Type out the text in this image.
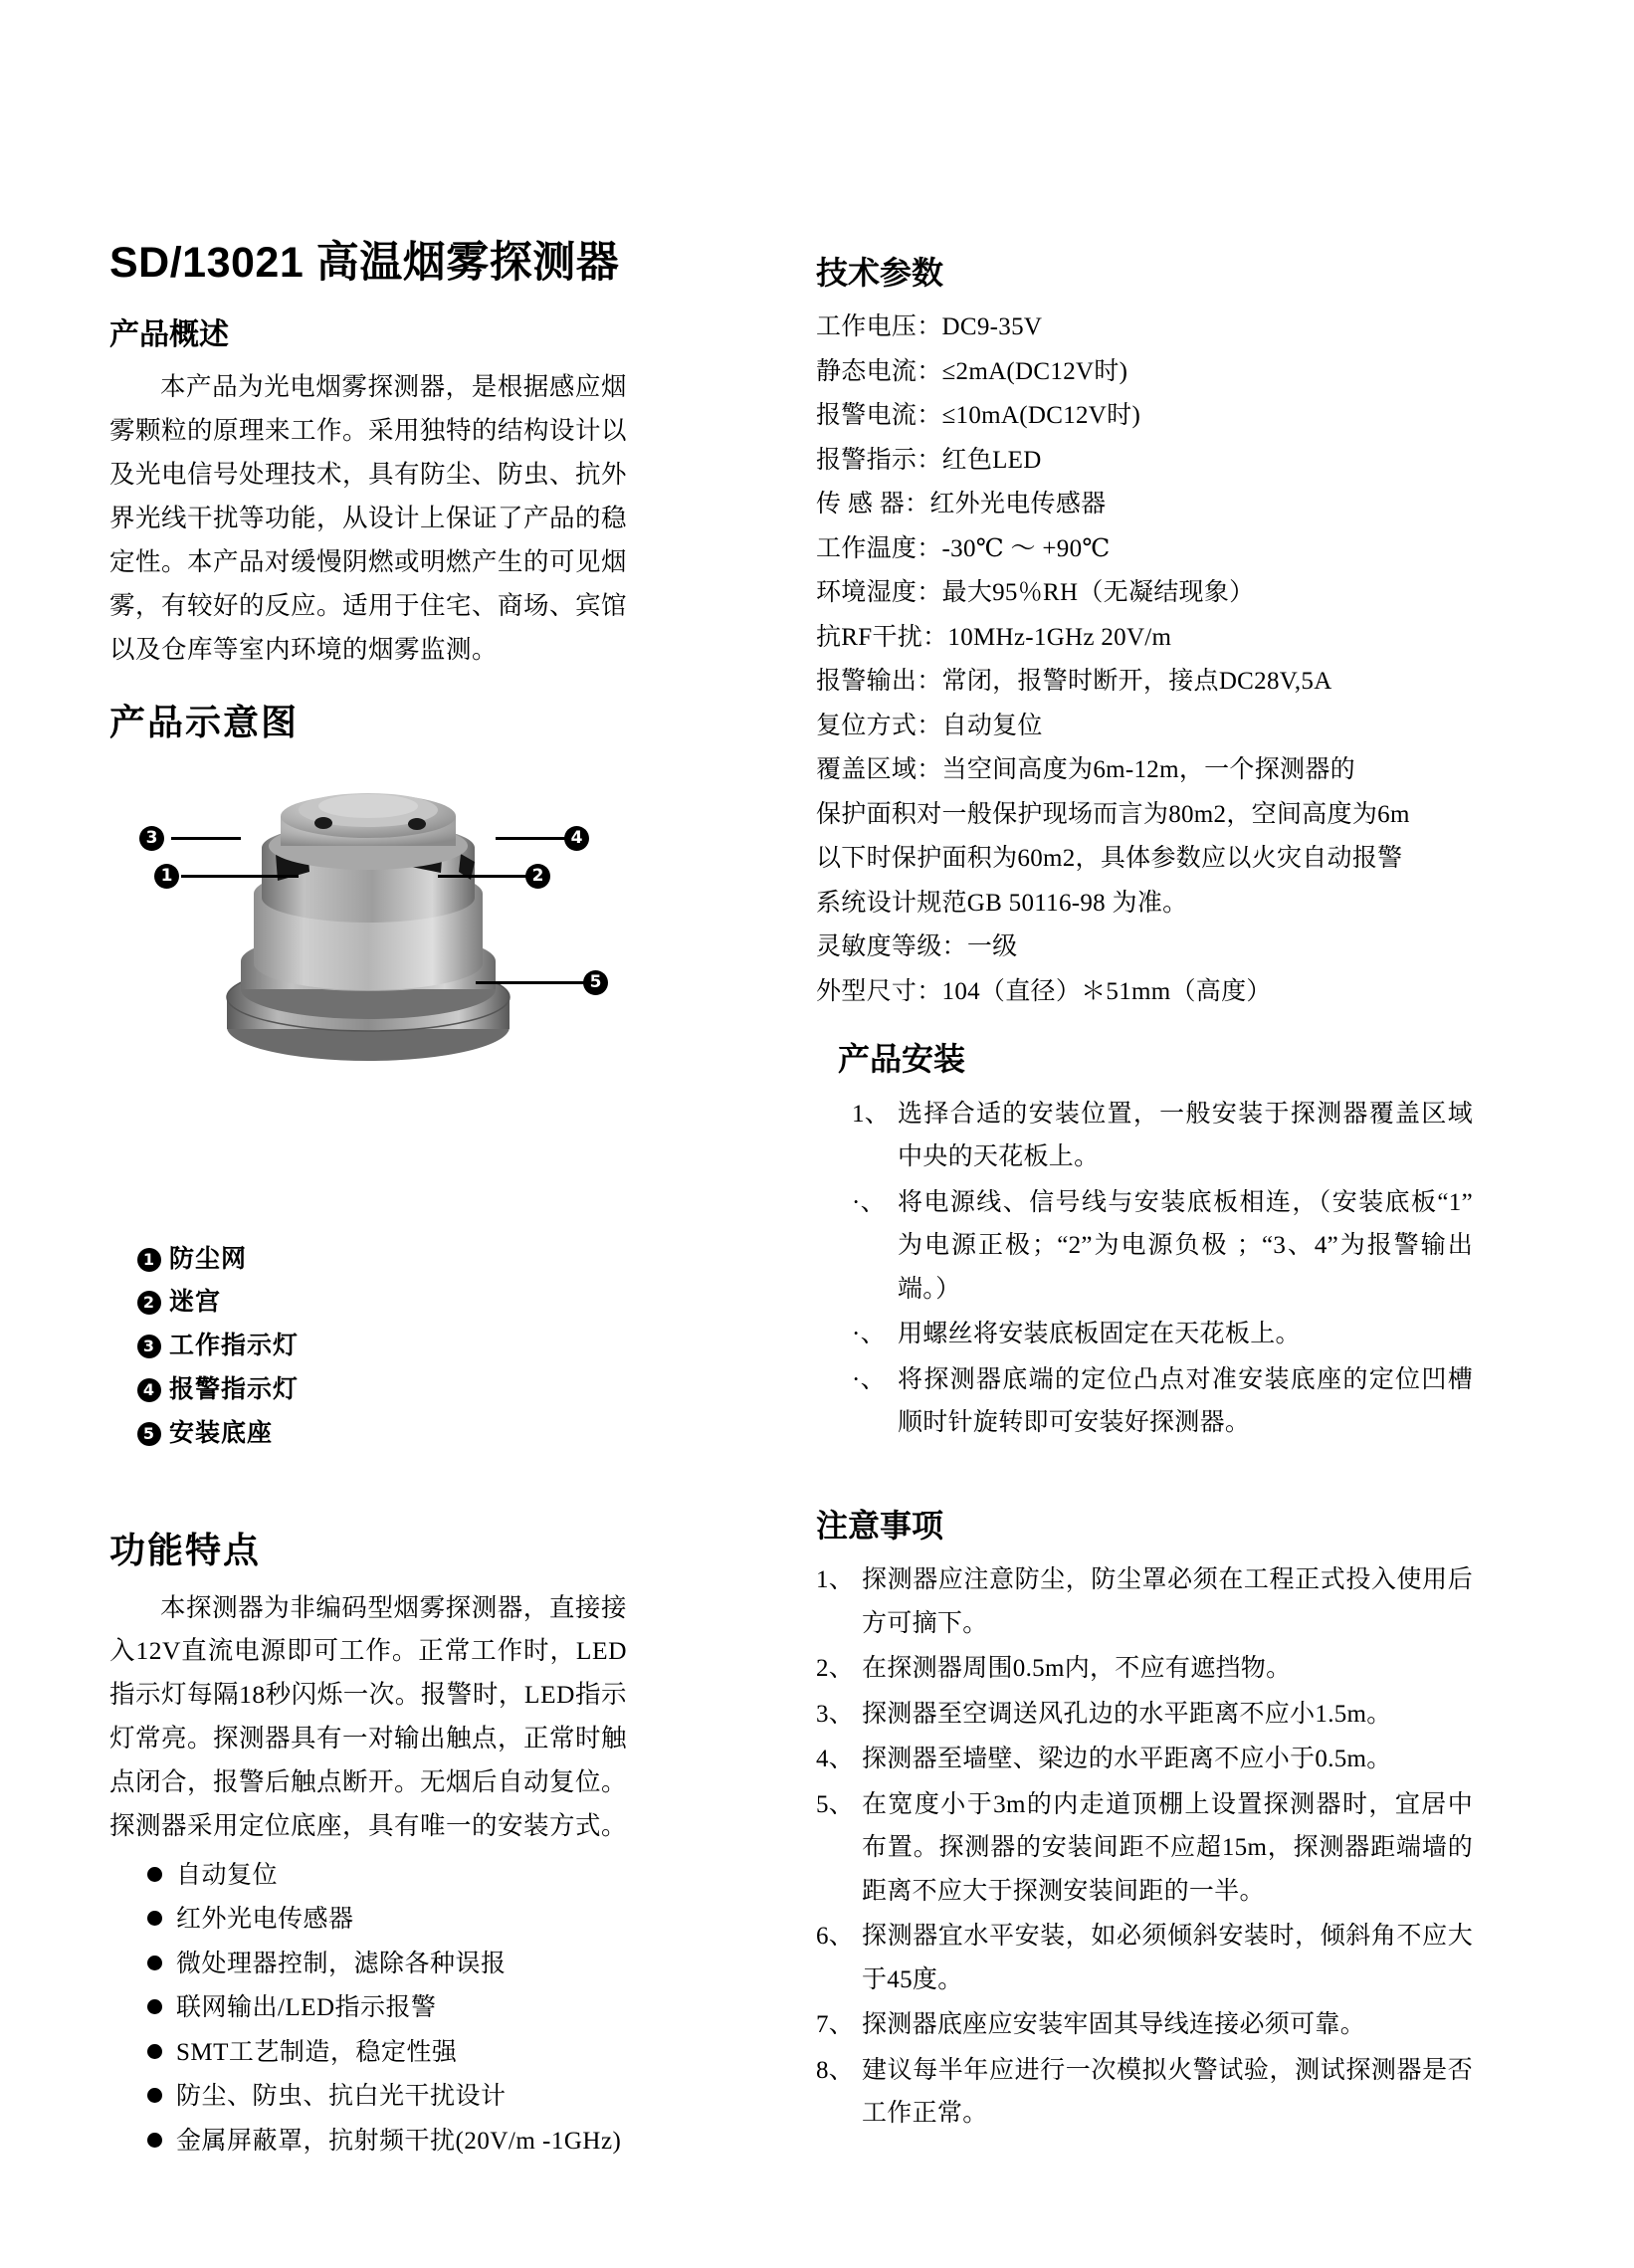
SD/13021 高温烟雾探测器
产品概述

本产品为光电烟雾探测器，是根据感应烟雾颗粒的原理来工作。采用独特的结构设计以及光电信号处理技术，具有防尘、防虫、抗外界光线干扰等功能，从设计上保证了产品的稳定性。本产品对缓慢阴燃或明燃产生的可见烟雾，有较好的反应。适用于住宅、商场、宾馆以及仓库等室内环境的烟雾监测。

产品示意图
3
1
4
2
5
1 防尘网
2 迷宫
3 工作指示灯
4 报警指示灯
5 安装底座
功能特点

本探测器为非编码型烟雾探测器，直接接入12V直流电源即可工作。正常工作时，LED指示灯每隔18秒闪烁一次。报警时，LED指示灯常亮。探测器具有一对输出触点，正常时触点闭合，报警后触点断开。无烟后自动复位。探测器采用定位底座，具有唯一的安装方式。

自动复位
红外光电传感器
微处理器控制，滤除各种误报
联网输出/LED指示报警
SMT工艺制造，稳定性强
防尘、防虫、抗白光干扰设计
金属屏蔽罩，抗射频干扰(20V/m -1GHz)
技术参数
工作电压：DC9-35V
静态电流：≤2mA(DC12V时)
报警电流：≤10mA(DC12V时)
报警指示：红色LED
传 感 器：红外光电传感器
工作温度：-30℃ ～ +90℃
环境湿度：最大95％RH（无凝结现象）
抗RF干扰：10MHz-1GHz 20V/m
报警输出：常闭，报警时断开，接点DC28V,5A
复位方式：自动复位
覆盖区域：当空间高度为6m-12m，一个探测器的
保护面积对一般保护现场而言为80m2，空间高度为6m
以下时保护面积为60m2，具体参数应以火灾自动报警
系统设计规范GB 50116-98 为准。
灵敏度等级：一级
外型尺寸：104（直径）＊51mm（高度）
产品安装
1、 选择合适的安装位置，一般安装于探测器覆盖区域中央的天花板上。
·、 将电源线、信号线与安装底板相连，（安装底板“1”为电源正极；“2”为电源负极 ；“3、4”为报警输出端。）
·、 用螺丝将安装底板固定在天花板上。
·、 将探测器底端的定位凸点对准安装底座的定位凹槽顺时针旋转即可安装好探测器。
注意事项
1、 探测器应注意防尘，防尘罩必须在工程正式投入使用后方可摘下。
2、 在探测器周围0.5m内，不应有遮挡物。
3、 探测器至空调送风孔边的水平距离不应小1.5m。
4、 探测器至墙壁、梁边的水平距离不应小于0.5m。
5、 在宽度小于3m的内走道顶棚上设置探测器时，宜居中布置。探测器的安装间距不应超15m，探测器距端墙的距离不应大于探测安装间距的一半。
6、 探测器宜水平安装，如必须倾斜安装时，倾斜角不应大于45度。
7、 探测器底座应安装牢固其导线连接必须可靠。
8、 建议每半年应进行一次模拟火警试验，测试探测器是否工作正常。
